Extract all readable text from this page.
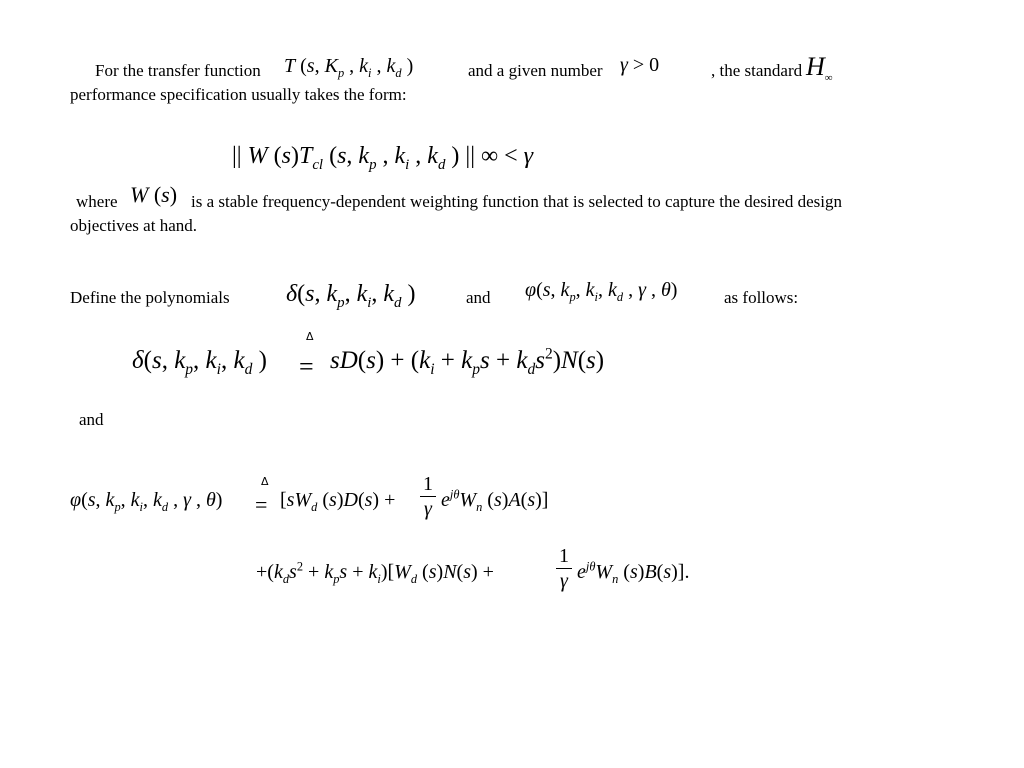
For the transfer function T (s, $K_p$ , $k_i$ , $k_d$ )	and a given number γ > 0	, the standard $H_\infty$
performance specification usually takes the form:
|| W $(s)T_{cl}$ (s, $k_p$ , $k_i$ , $k_d$ ) || ∞ < γ
where W (s) is a stable frequency-dependent weighting function that is selected to capture the desired design
objectives at hand.
Define the polynomials δ(s, $k_p$, $k_i$, $k_d$ )	and φ(s, $k_p$, $k_i$, $k_d$ , γ , θ)	as follows:
Δ
δ(s, $k_p$, $k_i$, $k_d$ ) = $sD(s) + (k_i + k_ps + k_ds^2)N(s)$
and
Δ
φ(s, $k_p$, $k_i$, $k_d$ , γ , $\theta) = [sW_d$ (s)D(s) +
1
γ $e^{j\theta}W_n$ (s)A(s)]
$+(k_ds^2 + k_ps + k_i)[W_d$ (s)N(s) +
1
γ $e^{j\theta}W_n$ (s)B(s)].
